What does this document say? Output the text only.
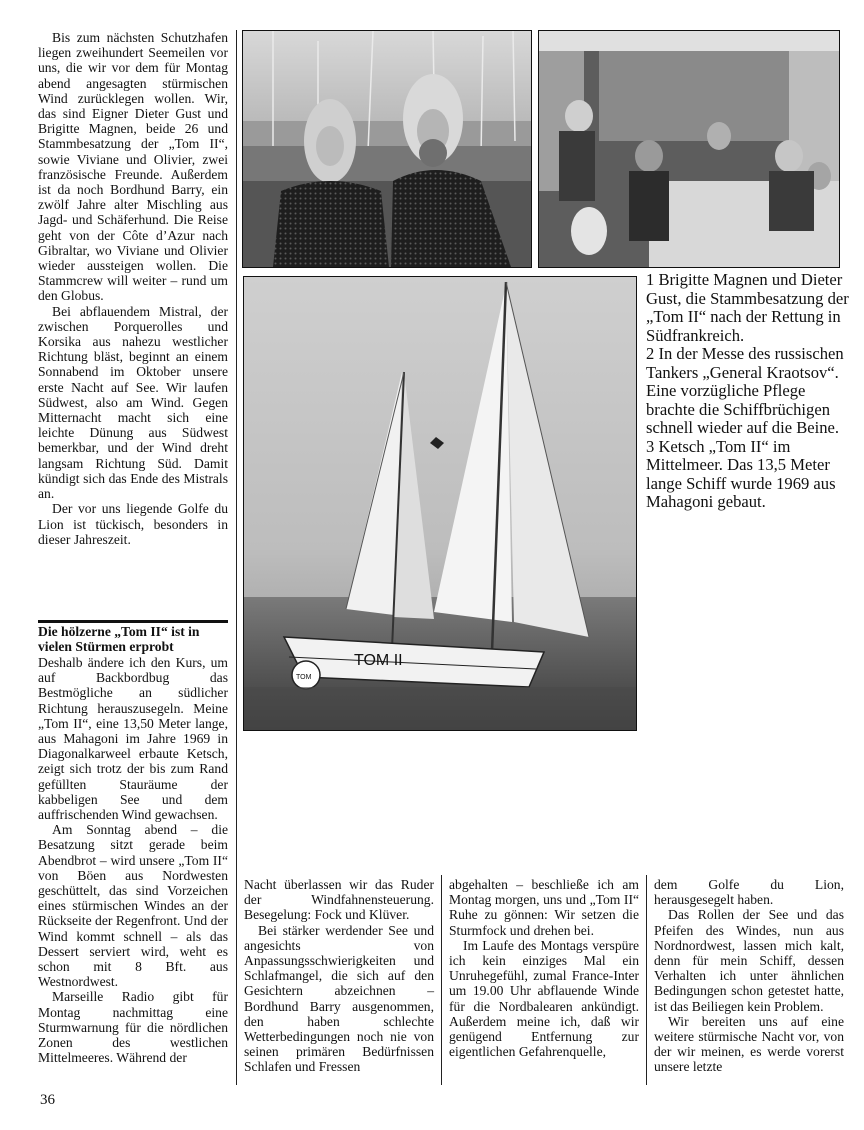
Bis zum nächsten Schutzhafen liegen zweihundert Seemeilen vor uns, die wir vor dem für Montag abend angesagten stürmischen Wind zurücklegen wollen. Wir, das sind Eigner Dieter Gust und Brigitte Magnen, beide 26 und Stammbesatzung der „Tom II“, sowie Viviane und Olivier, zwei französische Freunde. Außerdem ist da noch Bordhund Barry, ein zwölf Jahre alter Mischling aus Jagd- und Schäferhund. Die Reise geht von der Côte d’Azur nach Gibraltar, wo Viviane und Olivier wieder aussteigen wollen. Die Stammcrew will weiter – rund um den Globus.

Bei abflauendem Mistral, der zwischen Porquerolles und Korsika aus nahezu westlicher Richtung bläst, beginnt an einem Sonnabend im Oktober unsere erste Nacht auf See. Wir laufen Südwest, also am Wind. Gegen Mitternacht macht sich eine leichte Dünung aus Südwest bemerkbar, und der Wind dreht langsam Richtung Süd. Damit kündigt sich das Ende des Mistrals an.

Der vor uns liegende Golfe du Lion ist tückisch, besonders in dieser Jahreszeit.

Die hölzerne „Tom II“ ist in vielen Stürmen erprobt

Deshalb ändere ich den Kurs, um auf Backbordbug das Bestmögliche an südlicher Richtung herauszusegeln. Meine „Tom II“, eine 13,50 Meter lange, aus Mahagoni im Jahre 1969 in Diagonalkarweel erbaute Ketsch, zeigt sich trotz der bis zum Rand gefüllten Stauräume der kabbeligen See und dem auffrischenden Wind gewachsen.

Am Sonntag abend – die Besatzung sitzt gerade beim Abendbrot – wird unsere „Tom II“ von Böen aus Nordwesten geschüttelt, das sind Vorzeichen eines stürmischen Windes an der Rückseite der Regenfront. Und der Wind kommt schnell – als das Dessert serviert wird, weht es schon mit 8 Bft. aus Westnordwest.

Marseille Radio gibt für Montag nachmittag eine Sturmwarnung für die nördlichen Zonen des westlichen Mittelmeeres. Während der

TOM II
TOM

1 Brigitte Magnen und Dieter Gust, die Stammbesatzung der „Tom II“ nach der Rettung in Südfrankreich.

2 In der Messe des russischen Tankers „General Kraotsov“. Eine vorzügliche Pflege brachte die Schiffbrüchigen schnell wieder auf die Beine.

3 Ketsch „Tom II“ im Mittelmeer. Das 13,5 Meter lange Schiff wurde 1969 aus Mahagoni gebaut.

Nacht überlassen wir das Ruder der Windfahnensteuerung. Besegelung: Fock und Klüver.

Bei stärker werdender See und angesichts von Anpassungsschwierigkeiten und Schlafmangel, die sich auf den Gesichtern abzeichnen – Bordhund Barry ausgenommen, den haben schlechte Wetterbedingungen noch nie von seinen primären Bedürfnissen Schlafen und Fressen

abgehalten – beschließe ich am Montag morgen, uns und „Tom II“ Ruhe zu gönnen: Wir setzen die Sturmfock und drehen bei.

Im Laufe des Montags verspüre ich kein einziges Mal ein Unruhegefühl, zumal France-Inter um 19.00 Uhr abflauende Winde für die Nordbalearen ankündigt. Außerdem meine ich, daß wir genügend Entfernung zur eigentlichen Gefahrenquelle,

dem Golfe du Lion, herausgesegelt haben.

Das Rollen der See und das Pfeifen des Windes, nun aus Nordnordwest, lassen mich kalt, denn für mein Schiff, dessen Verhalten ich unter ähnlichen Bedingungen schon getestet hatte, ist das Beiliegen kein Problem.

Wir bereiten uns auf eine weitere stürmische Nacht vor, von der wir meinen, es werde vorerst unsere letzte

36
